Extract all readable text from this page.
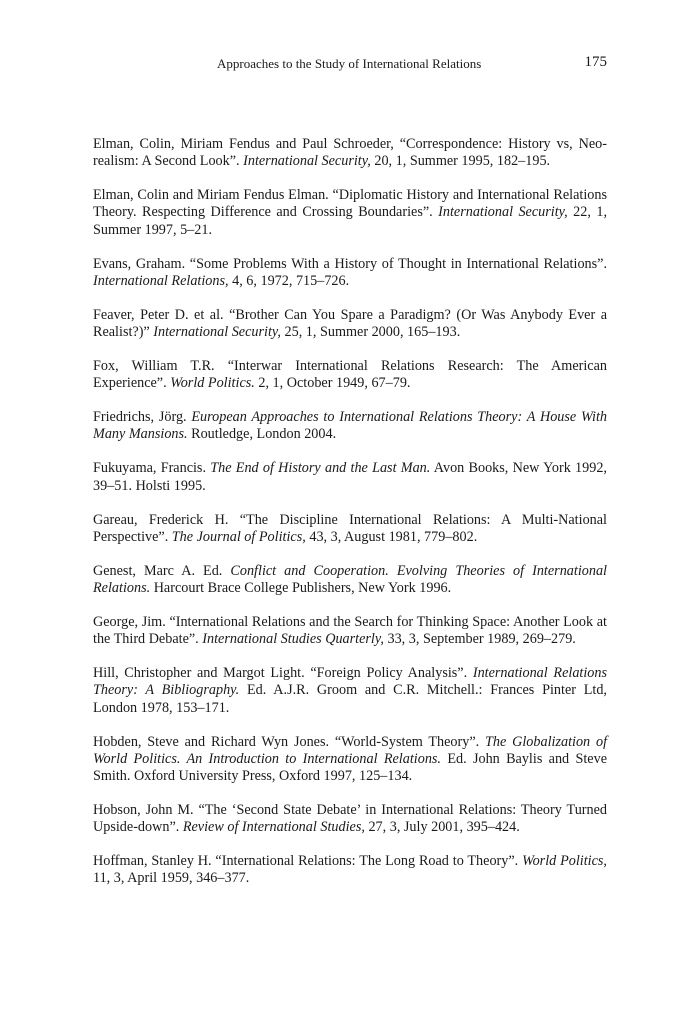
Approaches to the Study of International Relations	175

Elman, Colin, Miriam Fendus and Paul Schroeder, “Correspondence: History vs, Neo-realism: A Second Look”. International Security, 20, 1, Summer 1995, 182–195.

Elman, Colin and Miriam Fendus Elman. “Diplomatic History and International Relations Theory. Respecting Difference and Crossing Boundaries”. International Security, 22, 1, Summer 1997, 5–21.

Evans, Graham. “Some Problems With a History of Thought in International Relations”. International Relations, 4, 6, 1972, 715–726.

Feaver, Peter D. et al. “Brother Can You Spare a Paradigm? (Or Was Anybody Ever a Realist?)” International Security, 25, 1, Summer 2000, 165–193.

Fox, William T.R. “Interwar International Relations Research: The American Experience”. World Politics. 2, 1, October 1949, 67–79.

Friedrichs, Jörg. European Approaches to International Relations Theory: A House With Many Mansions. Routledge, London 2004.

Fukuyama, Francis. The End of History and the Last Man. Avon Books, New York 1992, 39–51. Holsti 1995.

Gareau, Frederick H. “The Discipline International Relations: A Multi-National Perspective”. The Journal of Politics, 43, 3, August 1981, 779–802.

Genest, Marc A. Ed. Conflict and Cooperation. Evolving Theories of International Relations. Harcourt Brace College Publishers, New York 1996.

George, Jim. “International Relations and the Search for Thinking Space: Another Look at the Third Debate”. International Studies Quarterly, 33, 3, September 1989, 269–279.

Hill, Christopher and Margot Light. “Foreign Policy Analysis”. International Relations Theory: A Bibliography. Ed. A.J.R. Groom and C.R. Mitchell.: Frances Pinter Ltd, London 1978, 153–171.

Hobden, Steve and Richard Wyn Jones. “World-System Theory”. The Globalization of World Politics. An Introduction to International Relations. Ed. John Baylis and Steve Smith. Oxford University Press, Oxford 1997, 125–134.

Hobson, John M. “The ‘Second State Debate’ in International Relations: Theory Turned Upside-down”. Review of International Studies, 27, 3, July 2001, 395–424.

Hoffman, Stanley H. “International Relations: The Long Road to Theory”. World Politics, 11, 3, April 1959, 346–377.
